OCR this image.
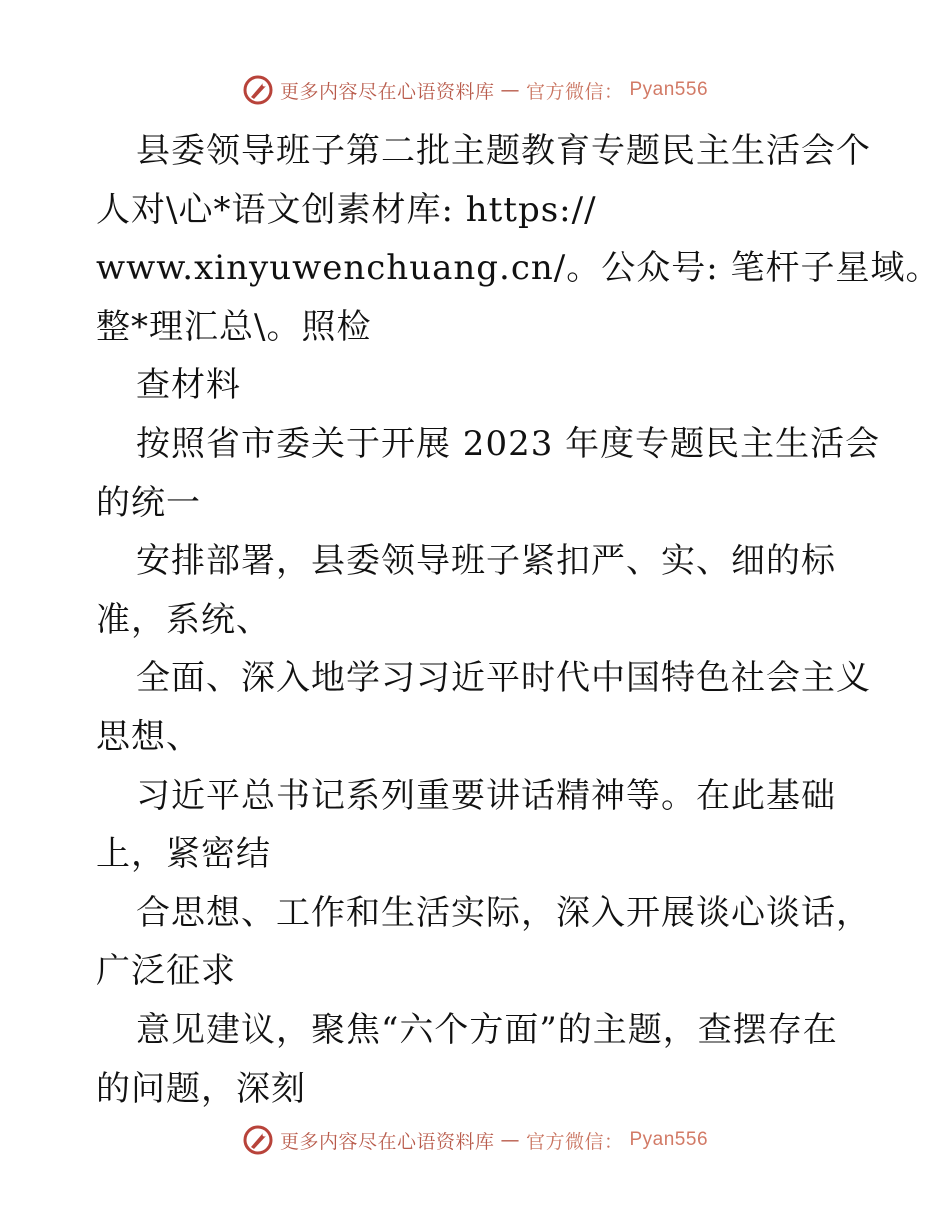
更多内容尽在心语资料库 — 官方微信： Pyan556
县委领导班子第二批主题教育专题民主生活会个
人对\心*语文创素材库: https://
www.xinyuwenchuang.cn/。公众号: 笔杆子星域。
整*理汇总\。照检
查材料
按照省市委关于开展 2023 年度专题民主生活会
的统一
安排部署，县委领导班子紧扣严、实、细的标
准，系统、
全面、深入地学习习近平时代中国特色社会主义
思想、
习近平总书记系列重要讲话精神等。在此基础
上，紧密结
合思想、工作和生活实际，深入开展谈心谈话，
广泛征求
意见建议，聚焦“六个方面”的主题，查摆存在
的问题，深刻
更多内容尽在心语资料库 — 官方微信： Pyan556
